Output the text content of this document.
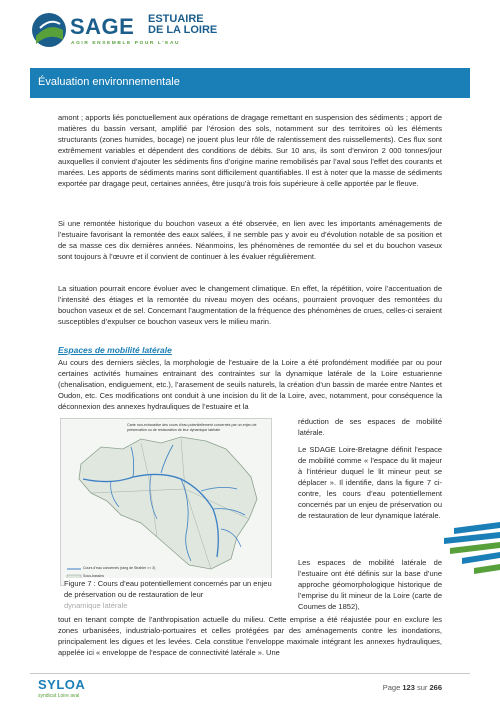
SAGE ESTUAIRE
DE LA LOIRE
AGIR ENSEMBLE POUR L'EAU
Évaluation environnementale

amont ; apports liés ponctuellement aux opérations de dragage remettant en suspension des sédiments ; apport de matières du bassin versant, amplifié par l’érosion des sols, notamment sur des territoires où les éléments structurants (zones humides, bocage) ne jouent plus leur rôle de ralentissement des ruissellements). Ces flux sont extrêmement variables et dépendent des conditions de débits. Sur 10 ans, ils sont d’environ 2 000 tonnes/jour auxquelles il convient d’ajouter les sédiments fins d’origine marine remobilisés par l’aval sous l’effet des courants et marées. Les apports de sédiments marins sont difficilement quantifiables. Il est à noter que la masse de sédiments exportée par dragage peut, certaines années, être jusqu’à trois fois supérieure à celle apportée par le fleuve.

Si une remontée historique du bouchon vaseux a été observée, en lien avec les importants aménagements de l’estuaire favorisant la remontée des eaux salées, il ne semble pas y avoir eu d’évolution notable de sa position et de sa masse ces dix dernières années. Néanmoins, les phénomènes de remontée du sel et du bouchon vaseux sont toujours à l’œuvre et il convient de continuer à les évaluer régulièrement.

La situation pourrait encore évoluer avec le changement climatique. En effet, la répétition, voire l’accentuation de l’intensité des étiages et la remontée du niveau moyen des océans, pourraient provoquer des remontées du bouchon vaseux et de sel. Concernant l’augmentation de la fréquence des phénomènes de crues, celles-ci seraient susceptibles d’expulser ce bouchon vaseux vers le milieu marin.

Espaces de mobilité latérale

Au cours des derniers siècles, la morphologie de l’estuaire de la Loire a été profondément modifiée par ou pour certaines activités humaines entrainant des contraintes sur la dynamique latérale de la Loire estuarienne (chenalisation, endiguement, etc.), l’arasement de seuils naturels, la création d’un bassin de marée entre Nantes et Oudon, etc. Ces modifications ont conduit à une incision du lit de la Loire, avec, notamment, pour conséquence la déconnexion des annexes hydrauliques de l’estuaire et la

Carte non-exhaustive des cours d’eau potentiellement concernés par un enjeu de préservation ou de restauration de leur dynamique latérale
Cours d’eau concernés (rang de Strahler >= 3)
Sous-bassins

Figure 7 : Cours d’eau potentiellement concernés par un enjeu de préservation ou de restauration de leur
dynamique latérale

réduction de ses espaces de mobilité latérale.

Le SDAGE Loire-Bretagne définit l’espace de mobilité comme « l’espace du lit majeur à l’intérieur duquel le lit mineur peut se déplacer ». Il identifie, dans la figure 7 ci-contre, les cours d’eau potentiellement concernés par un enjeu de préservation ou de restauration de leur dynamique latérale.

Les espaces de mobilité latérale de l’estuaire ont été définis sur la base d’une approche géomorphologique historique de l’emprise du lit mineur de la Loire (carte de Coumes de 1852),

tout en tenant compte de l’anthropisation actuelle du milieu. Cette emprise a été réajustée pour en exclure les zones urbanisées, industrialo-portuaires et celles protégées par des aménagements contre les inondations, principalement les digues et les levées. Cela constitue l’enveloppe maximale intégrant les annexes hydrauliques, appelée ici « enveloppe de l’espace de connectivité latérale ». Une

SYLOA
syndicat Loire aval
Page 123 sur 266
